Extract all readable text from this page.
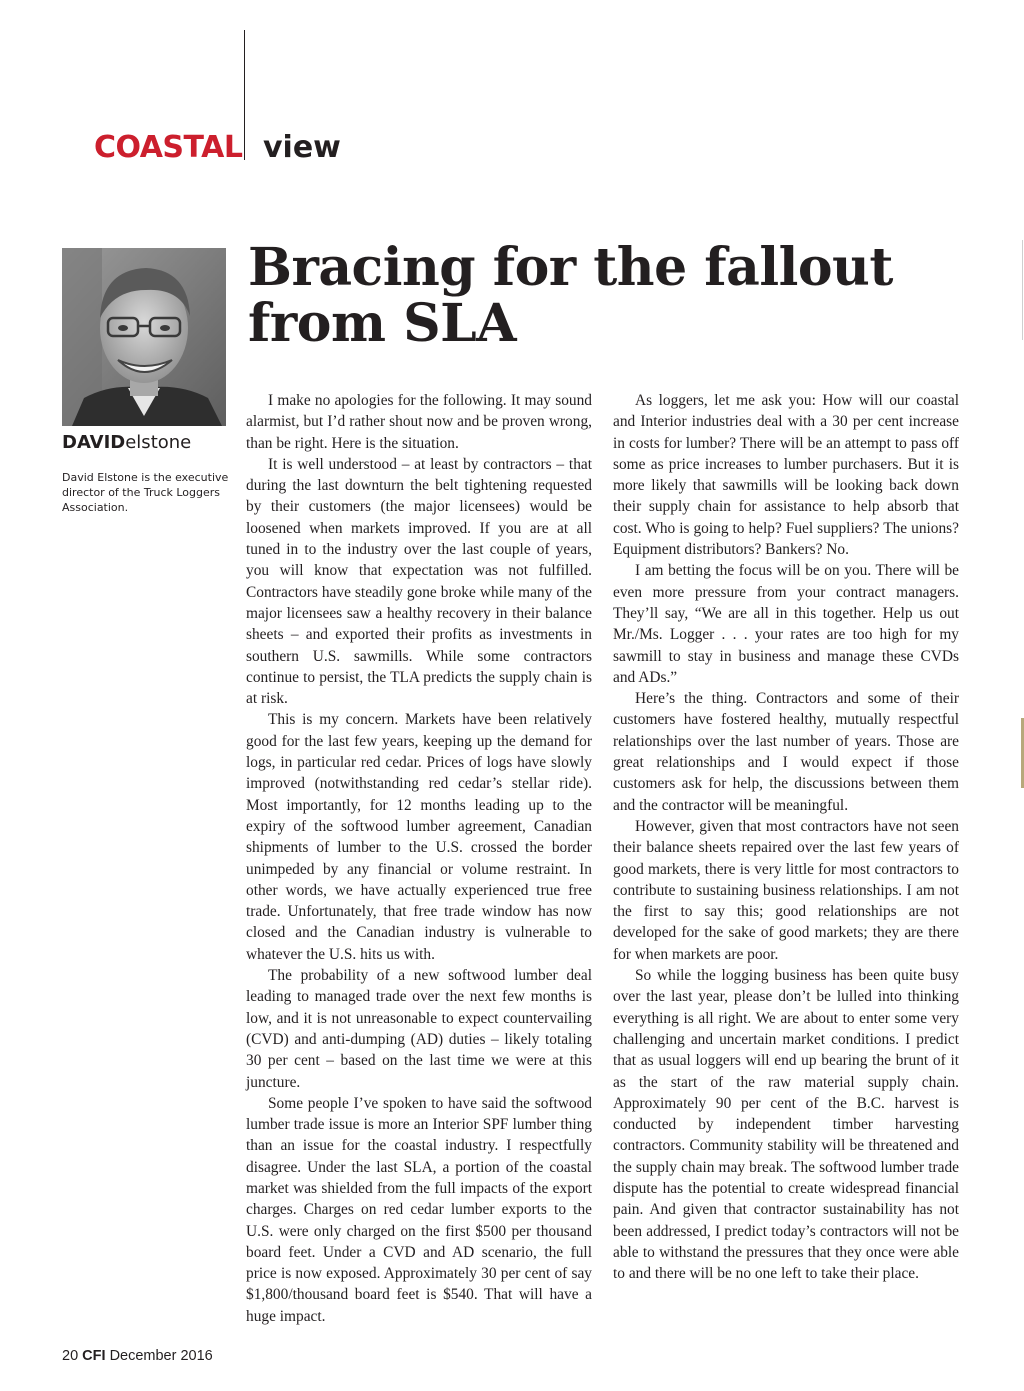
COASTAL view
DAVIDelstone
David Elstone is the executive director of the Truck Loggers Association.
Bracing for the fallout from SLA

I make no apologies for the following. It may sound alarmist, but I’d rather shout now and be proven wrong, than be right. Here is the situation.

It is well understood – at least by contractors – that during the last downturn the belt tightening requested by their customers (the major licensees) would be loosened when markets improved. If you are at all tuned in to the industry over the last couple of years, you will know that expectation was not fulfilled. Contractors have steadily gone broke while many of the major licensees saw a healthy recovery in their balance sheets – and exported their profits as investments in southern U.S. sawmills. While some contractors continue to persist, the TLA predicts the supply chain is at risk.

This is my concern. Markets have been relatively good for the last few years, keeping up the demand for logs, in particular red cedar. Prices of logs have slowly improved (notwithstanding red cedar’s stellar ride). Most importantly, for 12 months leading up to the expiry of the softwood lumber agreement, Canadian shipments of lumber to the U.S. crossed the border unimpeded by any financial or volume restraint. In other words, we have actually experienced true free trade. Unfortunately, that free trade window has now closed and the Canadian industry is vulnerable to whatever the U.S. hits us with.

The probability of a new softwood lumber deal leading to managed trade over the next few months is low, and it is not unreasonable to expect countervailing (CVD) and anti-dumping (AD) duties – likely totaling 30 per cent – based on the last time we were at this juncture.

Some people I’ve spoken to have said the softwood lumber trade issue is more an Interior SPF lumber thing than an issue for the coastal industry. I respectfully disagree. Under the last SLA, a portion of the coastal market was shielded from the full impacts of the export charges. Charges on red cedar lumber exports to the U.S. were only charged on the first $500 per thousand board feet. Under a CVD and AD scenario, the full price is now exposed. Approximately 30 per cent of say $1,800/thousand board feet is $540. That will have a huge impact.

As loggers, let me ask you: How will our coastal and Interior industries deal with a 30 per cent increase in costs for lumber? There will be an attempt to pass off some as price increases to lumber purchasers. But it is more likely that sawmills will be looking back down their supply chain for assistance to help absorb that cost. Who is going to help? Fuel suppliers? The unions? Equipment distributors? Bankers? No.

I am betting the focus will be on you. There will be even more pressure from your contract managers. They’ll say, “We are all in this together. Help us out Mr./Ms. Logger . . . your rates are too high for my sawmill to stay in business and manage these CVDs and ADs.”

Here’s the thing. Contractors and some of their customers have fostered healthy, mutually respectful relationships over the last number of years. Those are great relationships and I would expect if those customers ask for help, the discussions between them and the contractor will be meaningful.

However, given that most contractors have not seen their balance sheets repaired over the last few years of good markets, there is very little for most contractors to contribute to sustaining business relationships. I am not the first to say this; good relationships are not developed for the sake of good markets; they are there for when markets are poor.

So while the logging business has been quite busy over the last year, please don’t be lulled into thinking everything is all right. We are about to enter some very challenging and uncertain market conditions. I predict that as usual loggers will end up bearing the brunt of it as the start of the raw material supply chain. Approximately 90 per cent of the B.C. harvest is conducted by independent timber harvesting contractors. Community stability will be threatened and the supply chain may break. The softwood lumber trade dispute has the potential to create widespread financial pain. And given that contractor sustainability has not been addressed, I predict today’s contractors will not be able to withstand the pressures that they once were able to and there will be no one left to take their place.

20 CFI December 2016
